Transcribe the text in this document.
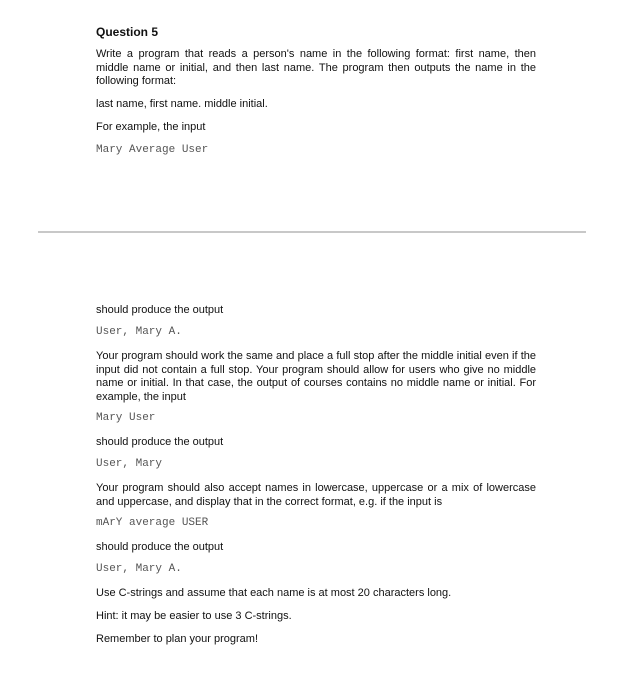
Question 5
Write a program that reads a person's name in the following format: first name, then middle name or initial, and then last name. The program then outputs the name in the following format:
last name, first name. middle initial.
For example, the input
Mary Average User
should produce the output
User, Mary A.
Your program should work the same and place a full stop after the middle initial even if the input did not contain a full stop. Your program should allow for users who give no middle name or initial. In that case, the output of courses contains no middle name or initial. For example, the input
Mary User
should produce the output
User, Mary
Your program should also accept names in lowercase, uppercase or a mix of lowercase and uppercase, and display that in the correct format, e.g. if the input is
mArY average USER
should produce the output
User, Mary A.
Use C-strings and assume that each name is at most 20 characters long.
Hint: it may be easier to use 3 C-strings.
Remember to plan your program!
